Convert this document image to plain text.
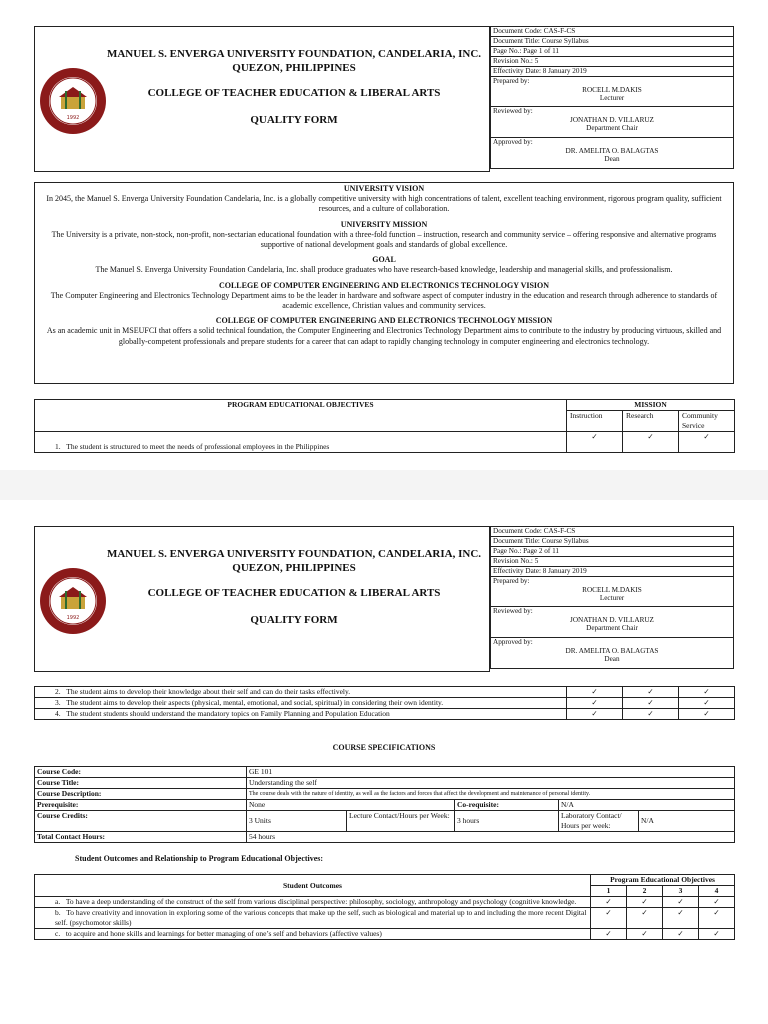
1992
MANUEL S. ENVERGA UNIVERSITY FOUNDATION, CANDELARIA, INC.
QUEZON, PHILIPPINES
COLLEGE OF TEACHER EDUCATION & LIBERAL ARTS
QUALITY FORM
Document Code: CAS-F-CS
Document Title: Course Syllabus
Page No.: Page 1 of 11
Revision No.: 5
Effectivity Date: 8 January 2019

Prepared by:
ROCELL M.DAKIS
Lecturer

Reviewed by:
JONATHAN D. VILLARUZ
Department Chair

Approved by:
DR. AMELITA O. BALAGTAS
Dean
UNIVERSITY VISION
In 2045, the Manuel S. Enverga University Foundation Candelaria, Inc. is a globally competitive university with high concentrations of talent, excellent teaching environment, rigorous program quality, sufficient resources, and a culture of collaboration.
UNIVERSITY MISSION
The University is a private, non-stock, non-profit, non-sectarian educational foundation with a three-fold function – instruction, research and community service – offering responsive and alternative programs supportive of national development goals and standards of global excellence.
GOAL
The Manuel S. Enverga University Foundation Candelaria, Inc. shall produce graduates who have research-based knowledge, leadership and managerial skills, and professionalism.
COLLEGE OF COMPUTER ENGINEERING AND ELECTRONICS TECHNOLOGY VISION
The Computer Engineering and Electronics Technology Department aims to be the leader in hardware and software aspect of computer industry in the education and research through adherence to standards of academic excellence, Christian values and community services.
COLLEGE OF COMPUTER ENGINEERING AND ELECTRONICS TECHNOLOGY MISSION
As an academic unit in MSEUFCI that offers a solid technical foundation, the Computer Engineering and Electronics Technology Department aims to contribute to the industry by producing virtuous, skilled and globally-competent professionals and prepare students for a career that can adapt to rapidly changing technology in computer engineering and electronics technology.
PROGRAM EDUCATIONAL OBJECTIVES	MISSION		
	Instruction	Research	Community Service
1. The student is structured to meet the needs of professional employees in the Philippines	✓	✓	✓
1992
MANUEL S. ENVERGA UNIVERSITY FOUNDATION, CANDELARIA, INC.
QUEZON, PHILIPPINES
COLLEGE OF TEACHER EDUCATION & LIBERAL ARTS
QUALITY FORM
Document Code: CAS-F-CS
Document Title: Course Syllabus
Page No.: Page 2 of 11
Revision No.: 5
Effectivity Date: 8 January 2019

Prepared by:
ROCELL M.DAKIS
Lecturer

Reviewed by:
JONATHAN D. VILLARUZ
Department Chair

Approved by:
DR. AMELITA O. BALAGTAS
Dean
2. The student aims to develop their knowledge about their self and can do their tasks effectively.	✓	✓	✓
3. The student aims to develop their aspects (physical, mental, emotional, and social, spiritual) in considering their own identity.	✓	✓	✓
4. The student students should understand the mandatory topics on Family Planning and Population Education	✓	✓	✓
COURSE SPECIFICATIONS
Course Code:	GE 101				
Course Title:	Understanding the self				
Course Description:	The course deals with the nature of identity, as well as the factors and forces that affect the development and maintenance of personal identity.				
Prerequisite:	None		Co-requisite:	N/A	
Course Credits:	3 Units	Lecture Contact/Hours per Week:	3 hours	Laboratory Contact/ Hours per week:	N/A
Total Contact Hours:	54 hours				
Student Outcomes and Relationship to Program Educational Objectives:
Student Outcomes	Program Educational Objectives			
	1	2	3	4
a. To have a deep understanding of the construct of the self from various disciplinal perspective: philosophy, sociology, anthropology and psychology (cognitive knowledge.	✓	✓	✓	✓
b. To have creativity and innovation in exploring some of the various concepts that make up the self, such as biological and material up to and including the more recent Digital self. (psychomotor skills)	✓	✓	✓	✓
c. to acquire and hone skills and learnings for better managing of one’s self and behaviors (affective values)	✓	✓	✓	✓
